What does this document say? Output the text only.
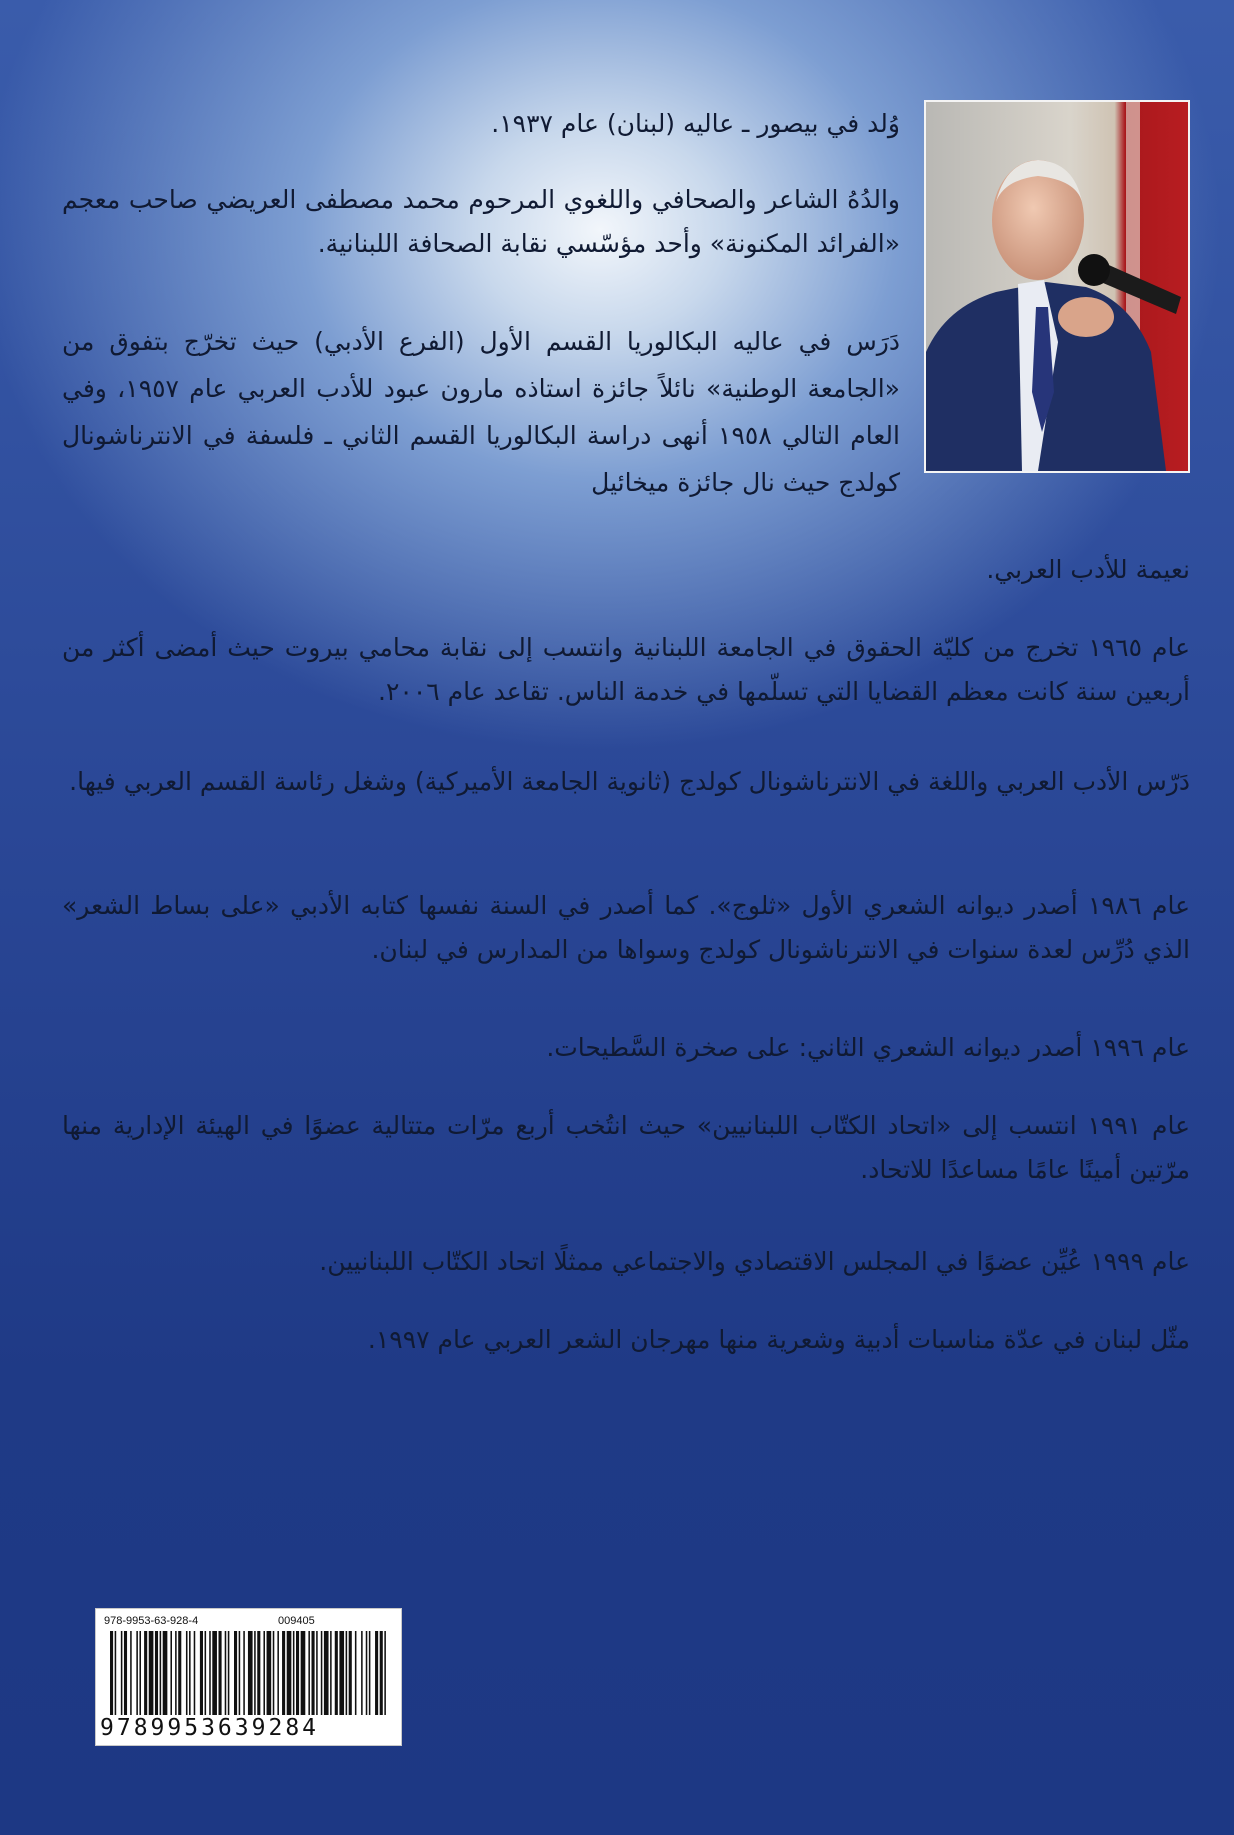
وُلد في بيصور ـ عاليه (لبنان) عام ١٩٣٧.

والدُهُ الشاعر والصحافي واللغوي المرحوم محمد مصطفى العريضي صاحب معجم «الفرائد المكنونة» وأحد مؤسّسي نقابة الصحافة اللبنانية.

دَرَس في عاليه البكالوريا القسم الأول (الفرع الأدبي) حيث تخرّج بتفوق من «الجامعة الوطنية» نائلاً جائزة استاذه مارون عبود للأدب العربي عام ١٩٥٧، وفي العام التالي ١٩٥٨ أنهى دراسة البكالوريا القسم الثاني ـ فلسفة في الانترناشونال كولدج حيث نال جائزة ميخائيل

نعيمة للأدب العربي.

عام ١٩٦٥ تخرج من كليّة الحقوق في الجامعة اللبنانية وانتسب إلى نقابة محامي بيروت حيث أمضى أكثر من أربعين سنة كانت معظم القضايا التي تسلّمها في خدمة الناس. تقاعد عام ٢٠٠٦.

دَرّس الأدب العربي واللغة في الانترناشونال كولدج (ثانوية الجامعة الأميركية) وشغل رئاسة القسم العربي فيها.

عام ١٩٨٦ أصدر ديوانه الشعري الأول «ثلوج». كما أصدر في السنة نفسها كتابه الأدبي «على بساط الشعر» الذي دُرِّس لعدة سنوات في الانترناشونال كولدج وسواها من المدارس في لبنان.

عام ١٩٩٦ أصدر ديوانه الشعري الثاني: على صخرة السَّطيحات.

عام ١٩٩١ انتسب إلى «اتحاد الكتّاب اللبنانيين» حيث انتُخب أربع مرّات متتالية عضوًا في الهيئة الإدارية منها مرّتين أمينًا عامًا مساعدًا للاتحاد.

عام ١٩٩٩ عُيِّن عضوًا في المجلس الاقتصادي والاجتماعي ممثلًا اتحاد الكتّاب اللبنانيين.

مثّل لبنان في عدّة مناسبات أدبية وشعرية منها مهرجان الشعر العربي عام ١٩٩٧.

978-9953-63-928-4	009405
9789953639284
